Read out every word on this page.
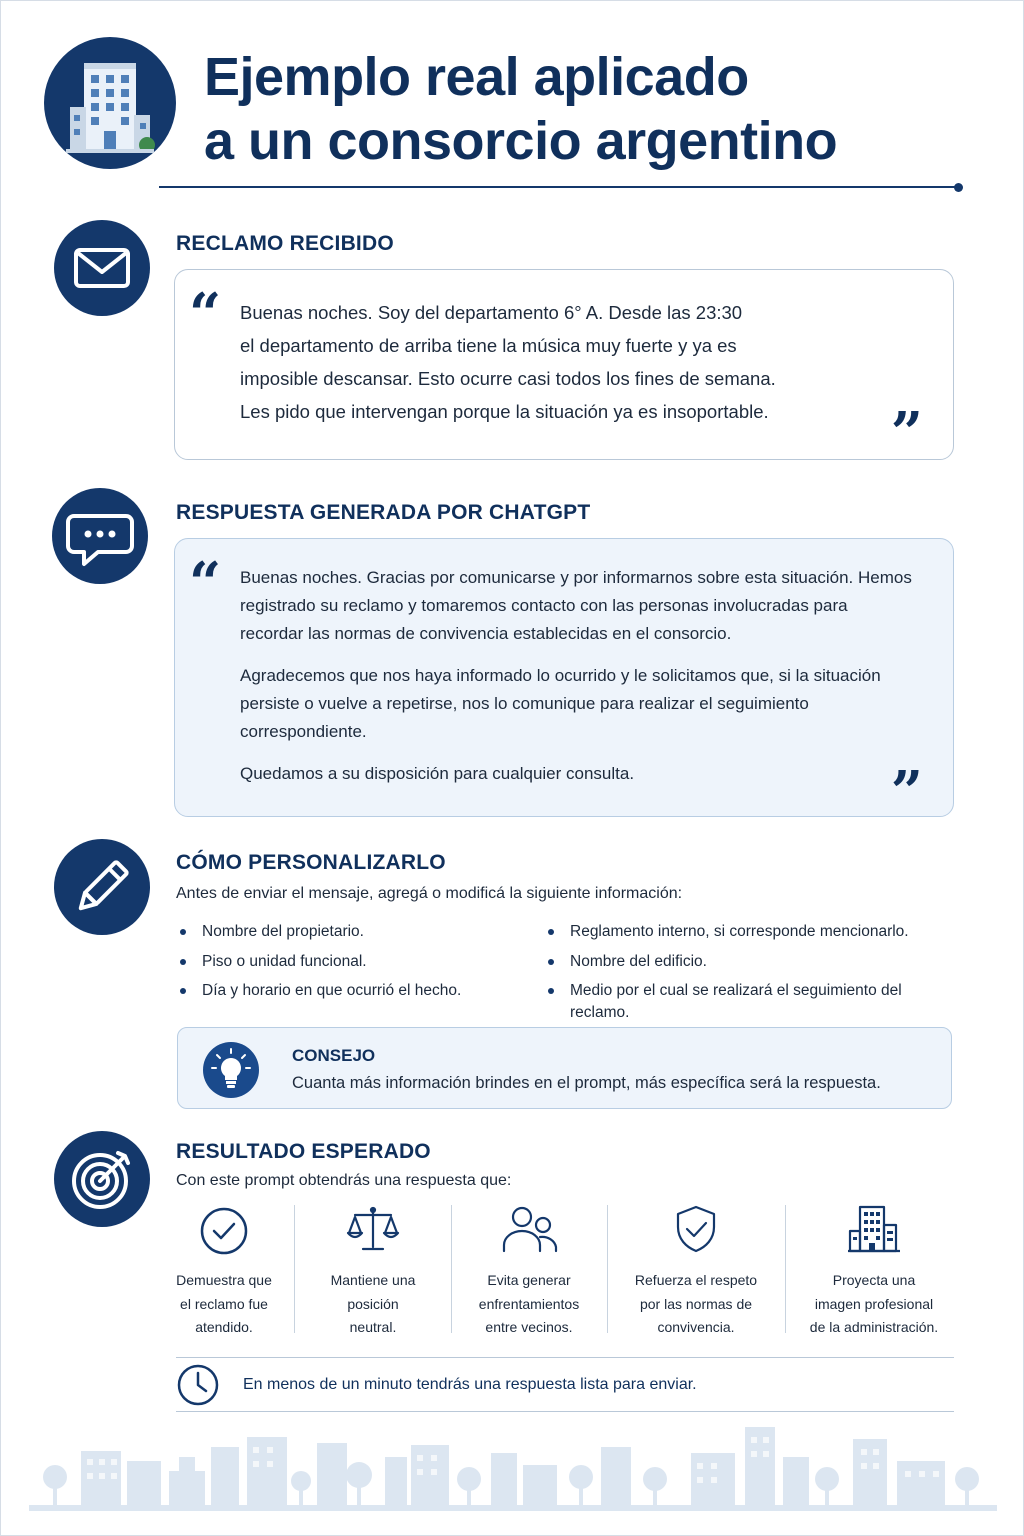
Ejemplo real aplicado
a un consorcio argentino
RECLAMO RECIBIDO
“ Buenas noches. Soy del departamento 6° A. Desde las 23:30
el departamento de arriba tiene la música muy fuerte y ya es
imposible descansar. Esto ocurre casi todos los fines de semana.
Les pido que intervengan porque la situación ya es insoportable.	”
RESPUESTA GENERADA POR CHATGPT
“ Buenas noches. Gracias por comunicarse y por informarnos sobre esta situación. Hemos registrado su reclamo y tomaremos contacto con las personas involucradas para recordar las normas de convivencia establecidas en el consorcio.

Agradecemos que nos haya informado lo ocurrido y le solicitamos que, si la situación persiste o vuelve a repetirse, nos lo comunique para realizar el seguimiento correspondiente.

Quedamos a su disposición para cualquier consulta.	”
CÓMO PERSONALIZARLO
Antes de enviar el mensaje, agregá o modificá la siguiente información:
Nombre del propietario.
Piso o unidad funcional.
Día y horario en que ocurrió el hecho.
Reglamento interno, si corresponde mencionarlo.
Nombre del edificio.
Medio por el cual se realizará el seguimiento del reclamo.
CONSEJO
Cuanta más información brindes en el prompt, más específica será la respuesta.
RESULTADO ESPERADO
Con este prompt obtendrás una respuesta que:
Demuestra que
el reclamo fue
atendido.
Mantiene una
posición
neutral.
Evita generar
enfrentamientos
entre vecinos.
Refuerza el respeto
por las normas de
convivencia.
Proyecta una
imagen profesional
de la administración.
En menos de un minuto tendrás una respuesta lista para enviar.
